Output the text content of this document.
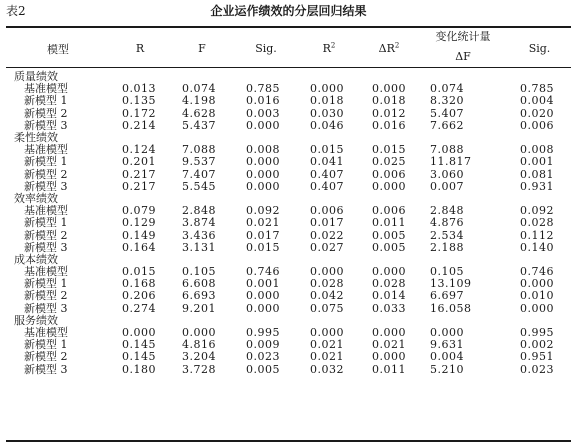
表2	企业运作绩效的分层回归结果
模型	R	F	Sig.	$R^2$	$\Delta R^2$	变化统计量	Sig.
						ΔF	
质量绩效							
基准模型	0.013	0.074	0.785	0.000	0.000	0.074	0.785
新模型 1	0.135	4.198	0.016	0.018	0.018	8.320	0.004
新模型 2	0.172	4.628	0.003	0.030	0.012	5.407	0.020
新模型 3	0.214	5.437	0.000	0.046	0.016	7.662	0.006
柔性绩效							
基准模型	0.124	7.088	0.008	0.015	0.015	7.088	0.008
新模型 1	0.201	9.537	0.000	0.041	0.025	11.817	0.001
新模型 2	0.217	7.407	0.000	0.407	0.006	3.060	0.081
新模型 3	0.217	5.545	0.000	0.407	0.000	0.007	0.931
效率绩效							
基准模型	0.079	2.848	0.092	0.006	0.006	2.848	0.092
新模型 1	0.129	3.874	0.021	0.017	0.011	4.876	0.028
新模型 2	0.149	3.436	0.017	0.022	0.005	2.534	0.112
新模型 3	0.164	3.131	0.015	0.027	0.005	2.188	0.140
成本绩效							
基准模型	0.015	0.105	0.746	0.000	0.000	0.105	0.746
新模型 1	0.168	6.608	0.001	0.028	0.028	13.109	0.000
新模型 2	0.206	6.693	0.000	0.042	0.014	6.697	0.010
新模型 3	0.274	9.201	0.000	0.075	0.033	16.058	0.000
服务绩效							
基准模型	0.000	0.000	0.995	0.000	0.000	0.000	0.995
新模型 1	0.145	4.816	0.009	0.021	0.021	9.631	0.002
新模型 2	0.145	3.204	0.023	0.021	0.000	0.004	0.951
新模型 3	0.180	3.728	0.005	0.032	0.011	5.210	0.023
